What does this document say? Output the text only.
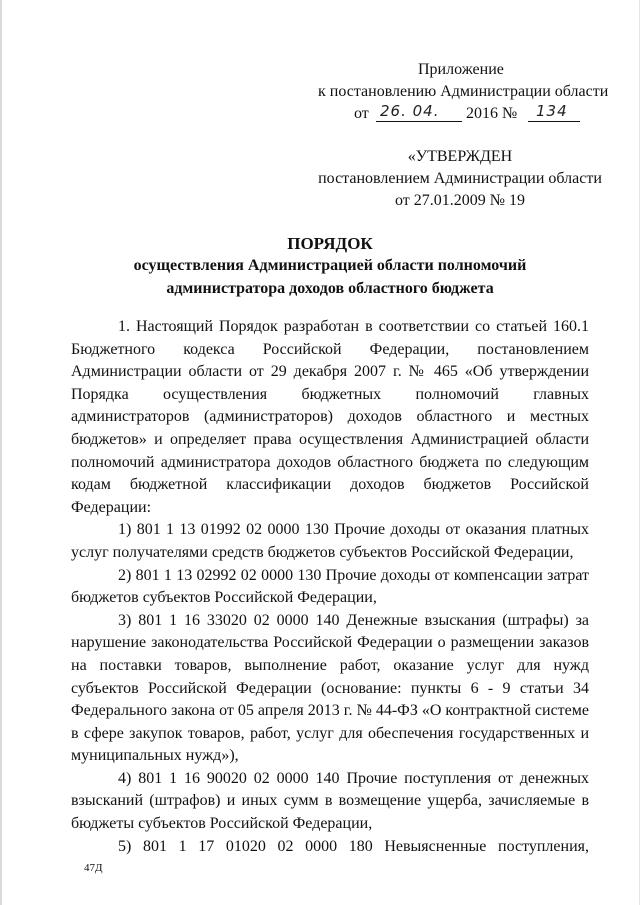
Приложение
к постановлению Администрации области
от 26. 04. 2016 № 134
«УТВЕРЖДЕН
постановлением Администрации области
от 27.01.2009 № 19
ПОРЯДОК
осуществления Администрацией области полномочий
администратора доходов областного бюджета

1. Настоящий Порядок разработан в соответствии со статьей 160.1 Бюджетного кодекса Российской Федерации, постановлением Администрации области от 29 декабря 2007 г. № 465 «Об утверждении Порядка осуществления бюджетных полномочий главных администраторов (администраторов) доходов областного и местных бюджетов» и определяет права осуществления Администрацией области полномочий администратора доходов областного бюджета по следующим кодам бюджетной классификации доходов бюджетов Российской Федерации:

1) 801 1 13 01992 02 0000 130 Прочие доходы от оказания платных услуг получателями средств бюджетов субъектов Российской Федерации,

2) 801 1 13 02992 02 0000 130 Прочие доходы от компенсации затрат бюджетов субъектов Российской Федерации,

3) 801 1 16 33020 02 0000 140 Денежные взыскания (штрафы) за нарушение законодательства Российской Федерации о размещении заказов на поставки товаров, выполнение работ, оказание услуг для нужд субъектов Российской Федерации (основание: пункты 6 - 9 статьи 34 Федерального закона от 05 апреля 2013 г. № 44-ФЗ «О контрактной системе в сфере закупок товаров, работ, услуг для обеспечения государственных и муниципальных нужд»),

4) 801 1 16 90020 02 0000 140 Прочие поступления от денежных взысканий (штрафов) и иных сумм в возмещение ущерба, зачисляемые в бюджеты субъектов Российской Федерации,

5) 801 1 17 01020 02 0000 180 Невыясненные поступления,

47Д
